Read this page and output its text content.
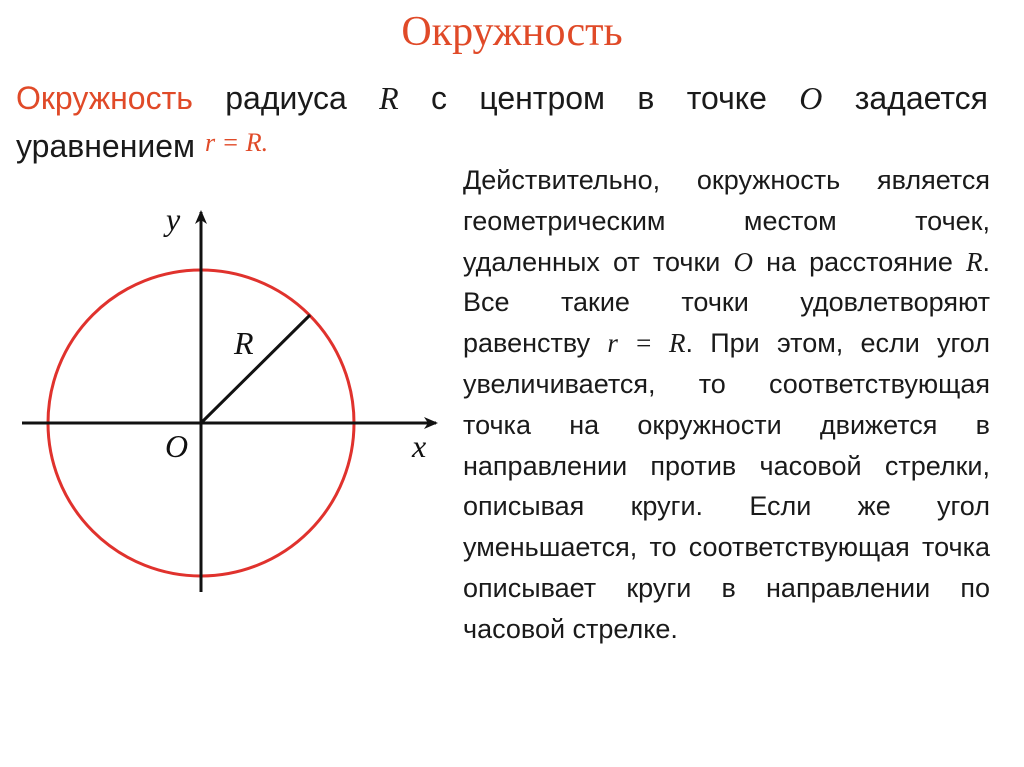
Окружность
Окружность радиуса R с центром в точке O задается уравнением r = R.
y
x
O
R
Действительно, окружность является геометрическим местом точек, удаленных от точки O на расстояние R. Все такие точки удовлетворяют равенству r = R. При этом, если угол увеличивается, то соответствующая точка на окружности движется в направлении против часовой стрелки, описывая круги. Если же угол уменьшается, то соответствующая точка описывает круги в направлении по часовой стрелке.
